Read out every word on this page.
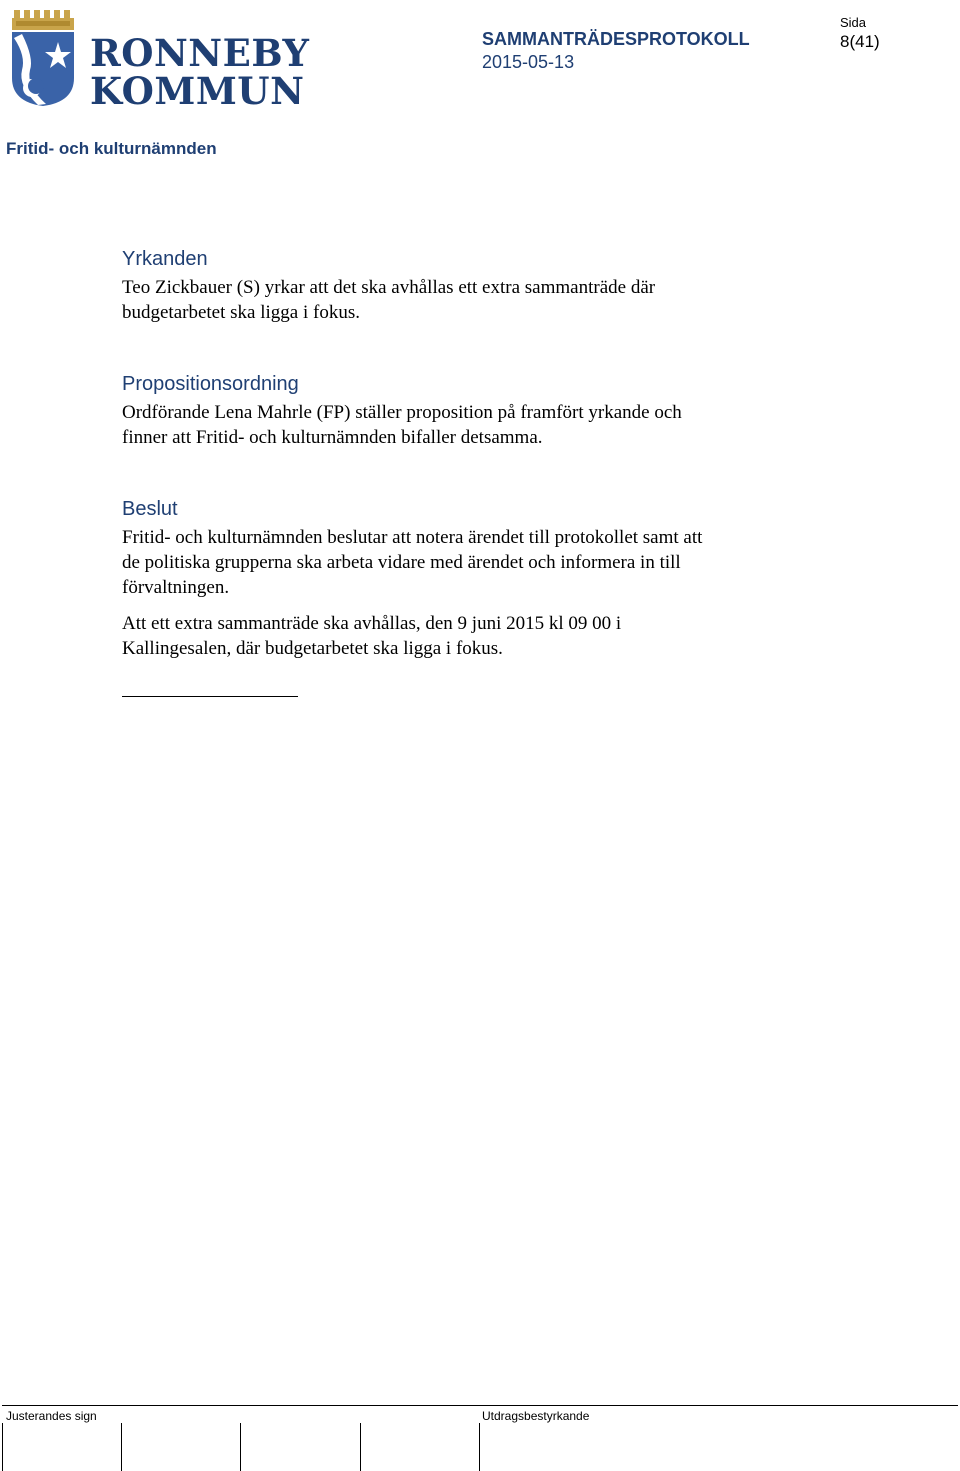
RONNEBY
KOMMUN
SAMMANTRÄDESPROTOKOLL
2015-05-13
Sida
8(41)
Fritid- och kulturnämnden
Yrkanden

Teo Zickbauer (S) yrkar att det ska avhållas ett extra sammanträde där
budgetarbetet ska ligga i fokus.

Propositionsordning

Ordförande Lena Mahrle (FP) ställer proposition på framfört yrkande och
finner att Fritid- och kulturnämnden bifaller detsamma.

Beslut

Fritid- och kulturnämnden beslutar att notera ärendet till protokollet samt att
de politiska grupperna ska arbeta vidare med ärendet och informera in till
förvaltningen.

Att ett extra sammanträde ska avhållas, den 9 juni 2015 kl 09 00 i
Kallingesalen, där budgetarbetet ska ligga i fokus.

Justerandes sign	Utdragsbestyrkande
